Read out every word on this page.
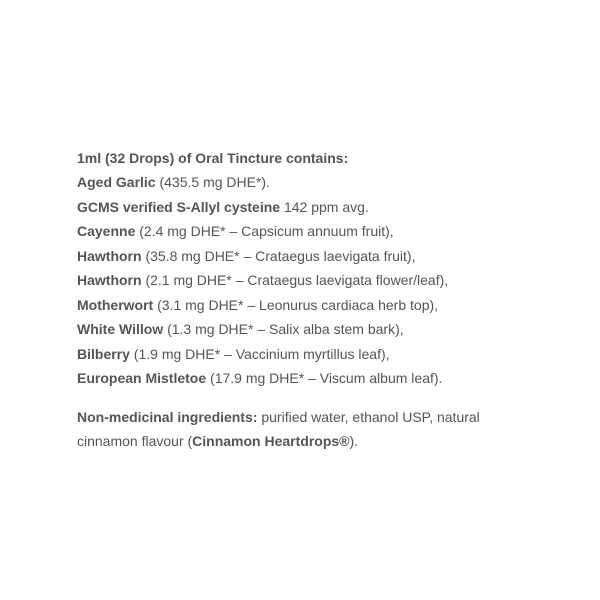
1ml (32 Drops) of Oral Tincture contains:
Aged Garlic (435.5 mg DHE*).
GCMS verified S-Allyl cysteine 142 ppm avg.
Cayenne (2.4 mg DHE* – Capsicum annuum fruit),
Hawthorn (35.8 mg DHE* – Crataegus laevigata fruit),
Hawthorn (2.1 mg DHE* – Crataegus laevigata flower/leaf),
Motherwort (3.1 mg DHE* – Leonurus cardiaca herb top),
White Willow (1.3 mg DHE* – Salix alba stem bark),
Bilberry (1.9 mg DHE* – Vaccinium myrtillus leaf),
European Mistletoe (17.9 mg DHE* – Viscum album leaf).
Non-medicinal ingredients: purified water, ethanol USP, natural
cinnamon flavour (Cinnamon Heartdrops®).
